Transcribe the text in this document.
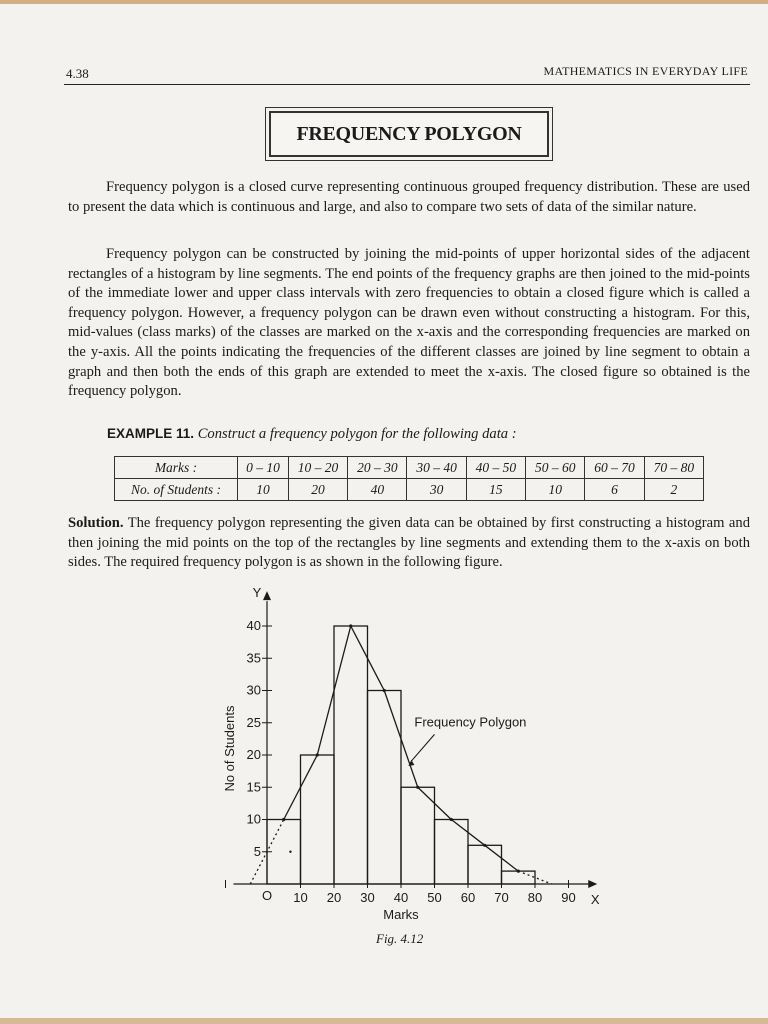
4.38	MATHEMATICS IN EVERYDAY LIFE
FREQUENCY POLYGON
Frequency polygon is a closed curve representing continuous grouped frequency distribution. These are used to present the data which is continuous and large, and also to compare two sets of data of the similar nature.
Frequency polygon can be constructed by joining the mid-points of upper horizontal sides of the adjacent rectangles of a histogram by line segments. The end points of the frequency graphs are then joined to the mid-points of the immediate lower and upper class intervals with zero frequencies to obtain a closed figure which is called a frequency polygon. However, a frequency polygon can be drawn even without constructing a histogram. For this, mid-values (class marks) of the classes are marked on the x-axis and the corresponding frequencies are marked on the y-axis. All the points indicating the frequencies of the different classes are joined by line segment to obtain a graph and then both the ends of this graph are extended to meet the x-axis. The closed figure so obtained is the frequency polygon.
EXAMPLE 11. Construct a frequency polygon for the following data :
Marks :	0 – 10	10 – 20	20 – 30	30 – 40	40 – 50	50 – 60	60 – 70	70 – 80
No. of Students :	10	20	40	30	15	10	6	2
Solution. The frequency polygon representing the given data can be obtained by first constructing a histogram and then joining the mid points on the top of the rectangles by line segments and extending them to the x-axis on both sides. The required frequency polygon is as shown in the following figure.
10 20 30 40 50 60 70 80 90
O	X
5
10
15
20
25
30
35
40
Y
Marks
No of Students	Frequency Polygon
Fig. 4.12
